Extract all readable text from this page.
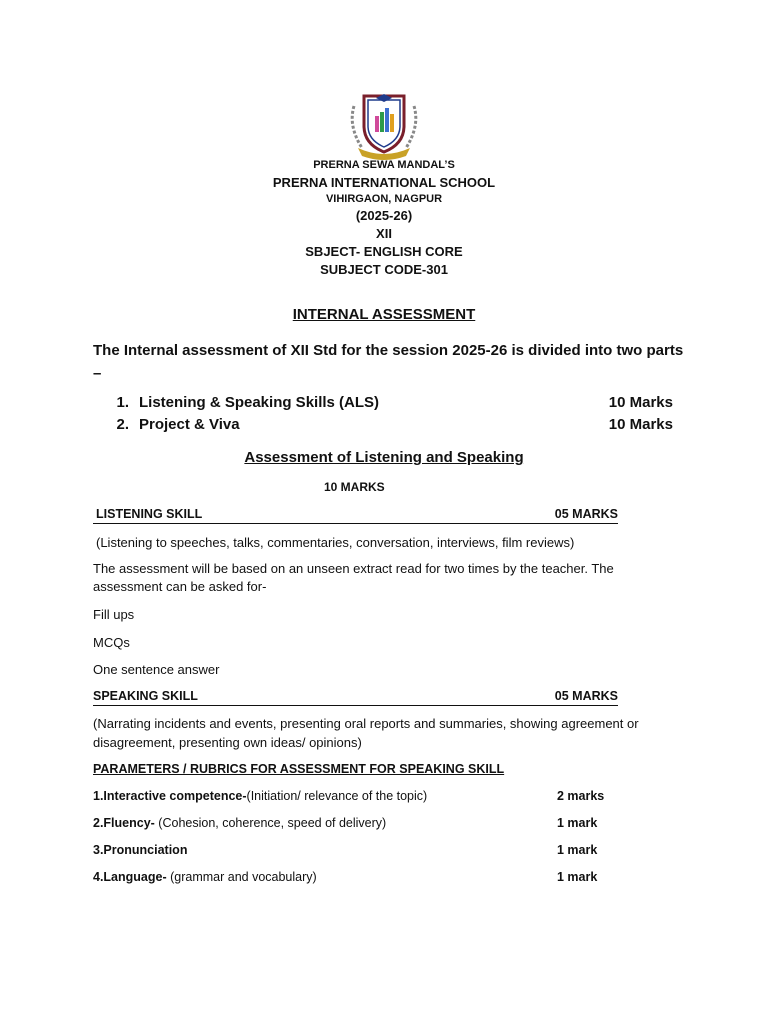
PRERNA SEWA MANDAL’S
PRERNA INTERNATIONAL SCHOOL
VIHIRGAON, NAGPUR
(2025-26)
XII
SBJECT- ENGLISH CORE
SUBJECT CODE-301
INTERNAL ASSESSMENT
The Internal assessment of XII Std for the session 2025-26 is divided into two parts –
1. Listening & Speaking Skills (ALS)	10 Marks
2. Project & Viva	10 Marks
Assessment of Listening and Speaking
10 MARKS
LISTENING SKILL	05 MARKS
(Listening to speeches, talks, commentaries, conversation, interviews, film reviews)
The assessment will be based on an unseen extract read for two times by the teacher. The
assessment can be asked for-
Fill ups
MCQs
One sentence answer
SPEAKING SKILL	05 MARKS
(Narrating incidents and events, presenting oral reports and summaries, showing agreement or
disagreement, presenting own ideas/ opinions)
PARAMETERS / RUBRICS FOR ASSESSMENT FOR SPEAKING SKILL
1.Interactive competence-(Initiation/ relevance of the topic)	2 marks
2.Fluency- (Cohesion, coherence, speed of delivery)	1 mark
3.Pronunciation	1 mark
4.Language- (grammar and vocabulary)	1 mark
